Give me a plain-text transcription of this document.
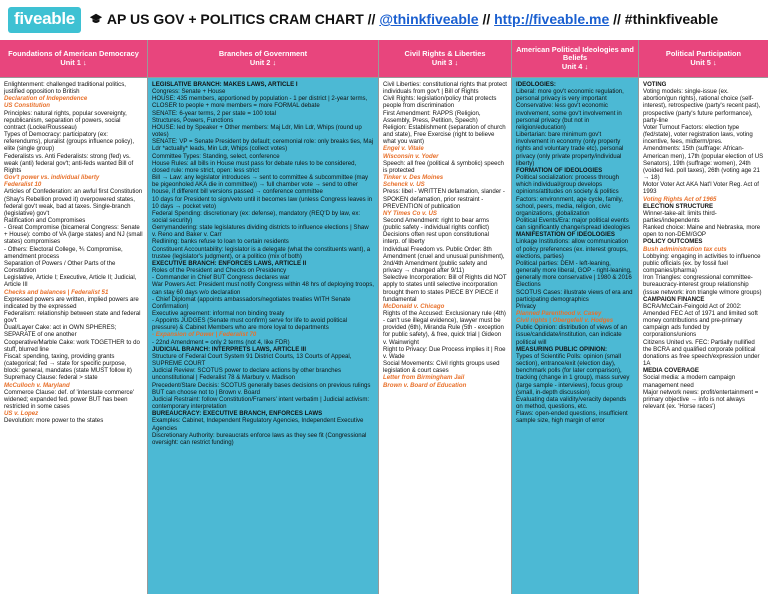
fiveable	AP US GOV + POLITICS CRAM CHART // @thinkfiveable // http://fiveable.me // #thinkfiveable
Foundations of American Democracy
Unit 1 ↓

Enlightenment: challenged traditional politics, justified opposition to British

Declaration of Independence

US Constitution

Principles: natural rights, popular sovereignty, republicanism, separation of powers, social contract (Locke/Rousseau)

Types of Democracy: participatory (ex: referendums), pluralist (groups influence policy), elite (single group)

Federalists vs. Anti Federalists: strong (fed) vs. weak (anti) federal gov't; anti-feds wanted Bill of Rights

Gov't power vs. individual liberty

Federalist 10

Articles of Confederation: an awful first Constitution (Shay's Rebellion proved it) overpowered states, federal gov't weak, bad at taxes. Single-branch (legislative) gov't

Ratification and Compromises

- Great Compromise (bicameral Congress: Senate + House): combo of VA (large states) and NJ (small states) compromises

- Others: Electoral College, ⅗ Compromise, amendment process

Separation of Powers / Other Parts of the Constitution

Legislative, Article I; Executive, Article II; Judicial, Article III

Checks and balances | Federalist 51

Expressed powers are written, implied powers are indicated by the expressed

Federalism: relationship between state and federal gov't

Dual/Layer Cake: act in OWN SPHERES; SEPARATE of one another

Cooperative/Marble Cake: work TOGETHER to do stuff, blurred line

Fiscal: spending, taxing, providing grants (categorical; fed → state for specific purpose, block: general, mandates (state MUST follow it)

Supremacy Clause: federal > state

McCulloch v. Maryland

Commerce Clause: def. of 'interstate commerce' widened; expanded fed. power BUT has been restricted in some cases

US v. Lopez

Devolution: more power to the states

Branches of Government
Unit 2 ↓

LEGISLATIVE BRANCH: MAKES LAWS, ARTICLE I

Congress: Senate + House

HOUSE: 435 members, apportioned by population - 1 per district | 2-year terms, CLOSER to people + more members = more FORMAL debate

SENATE: 6-year terms, 2 per state = 100 total

Structures, Powers, Functions

HOUSE: led by Speaker + Other members: Maj Ldr, Min Ldr, Whips (round up votes)

SENATE: VP = Senate President by default; ceremonial role: only breaks ties, Maj Ldr *actually* leads, Min Ldr, Whips (collect votes)

Committee Types: Standing, select, conference

House Rules: all bills in House must pass for debate rules to be considered, closed rule: more strict, open: less strict

Bill → Law: any legislator introduces → sent to committee & subcommittee (may be pigeonholed AKA die in committee)) → full chamber vote → send to other house, if different bill versions passed → conference committee

10 days for President to sign/veto until it becomes law (unless Congress leaves in 10 days → pocket veto)

Federal Spending: discretionary (ex: defense), mandatory (REQ'D by law, ex: social security)

Gerrymandering: state legislatures dividing districts to influence elections | Shaw v. Reno and Baker v. Carr

Redlining: banks refuse to loan to certain residents

Constituent Accountability: legislator is a delegate (what the constituents want), a trustee (legislator's judgment), or a politico (mix of both)

EXECUTIVE BRANCH: ENFORCES LAWS, ARTICLE II

Roles of the President and Checks on Presidency

- Commander in Chief BUT Congress declares war

War Powers Act: President must notify Congress within 48 hrs of deploying troops, can stay 60 days w/o declaration

- Chief Diplomat (appoints ambassadors/negotiates treaties WITH Senate Confirmation)

Executive agreement: informal non binding treaty

- Appoints JUDGES (Senate must confirm) serve for life to avoid political pressure) & Cabinet Members who are more loyal to departments

- Expansion of Power | Federalist 70

- 22nd Amendment = only 2 terms (not 4, like FDR)

JUDICIAL BRANCH: INTERPRETS LAWS, ARTICLE III

Structure of Federal Court System 91 District Courts, 13 Courts of Appeal, SUPREME COURT

Judicial Review: SCOTUS power to declare actions by other branches unconstitutional | Federalist 78 & Marbury v. Madison

Precedent/Stare Decisis: SCOTUS generally bases decisions on previous rulings BUT can choose not to | Brown v. Board

Judicial Restraint: follow Constitution/Framers' intent verbatim | Judicial activism: contemporary interpretation

BUREAUCRACY: EXECUTIVE BRANCH, ENFORCES LAWS

Examples: Cabinet, Independent Regulatory Agencies, Independent Executive Agencies

Discretionary Authority: bureaucrats enforce laws as they see fit (Congressional oversight: can restrict funding)

Civil Rights & Liberties
Unit 3 ↓

Civil Liberties: constitutional rights that protect individuals from gov't | Bill of Rights

Civil Rights: legislation/policy that protects people from discrimination

First Amendment: RAPPS (Religion, Assembly, Press, Petition, Speech)

Religion: Establishment (separation of church and state), Free Exercise (right to believe what you want)

Engel v. Vitale

Wisconsin v. Yoder

Speech: all free (political & symbolic) speech is protected

Tinker v. Des Moines

Schenck v. US

Press: libel - WRITTEN defamation, slander - SPOKEN defamation, prior restraint - PREVENTION of publication

NY Times Co v. US

Second Amendment: right to bear arms (public safety - individual rights conflict)

Decisions often rest upon constitutional interp. of liberty

Individual Freedom vs. Public Order: 8th Amendment (cruel and unusual punishment), 2nd/4th Amendment (public safety and privacy → changed after 9/11)

Selective Incorporation: Bill of Rights did NOT apply to states until selective incorporation brought them to states PIECE BY PIECE if fundamental

McDonald v. Chicago

Rights of the Accused: Exclusionary rule (4th) - can't use illegal evidence), lawyer must be provided (6th), Miranda Rule (5th - exception for public safety), & free, quick trial | Gideon v. Wainwright

Right to Privacy: Due Process implies it | Roe v. Wade

Social Movements: Civil rights groups used legislation & court cases

Letter from Birmingham Jail

Brown v. Board of Education

American Political Ideologies and Beliefs
Unit 4 ↓

IDEOLOGIES:

Liberal: more gov't economic regulation, personal privacy is very important

Conservative: less gov't economic involvement, some gov't involvement in personal privacy (but not in religion/education)

Libertarian: bare minimum gov't involvement in economy (only property rights and voluntary trade etc), personal privacy (only private property/individual liberty)

FORMATION OF IDEOLOGIES

Political socialization: process through which individual/group develops opinions/attitudes on society & politics

Factors: environment, age cycle, family, school, peers, media, religion, civic organizations, globalization

Political Events/Era: major political events can significantly change/spread ideologies

MANIFESTATION OF IDEOLOGIES

Linkage Institutions: allow communication of policy preferences (ex. interest groups, elections, parties)

Political parties: DEM - left-leaning, generally more liberal, GOP - right-leaning, generally more conservative | 1980 & 2016 Elections

SCOTUS Cases: illustrate views of era and participating demographics

Privacy

Planned Parenthood v. Casey

Civil rights | Obergefell v. Hodges

Public Opinion: distribution of views of an issue/candidate/institution, can indicate political will

MEASURING PUBLIC OPINION:

Types of Scientific Polls: opinion (small section), entrance/exit (election day), benchmark polls (for later comparison), tracking (change in 1 group), mass survey (large sample - interviews), focus group (small, in-depth discussion)

Evaluating data validity/veracity depends on method, questions, etc.

Flaws: open-ended questions, insufficient sample size, high margin of error

Political Participation
Unit 5 ↓

VOTING

Voting models: single-issue (ex. abortion/gun rights), rational choice (self-interest), retrospective (party's recent past), prospective (party's future performance), party-line

Voter Turnout Factors: election type (fed/state), voter registration laws, voting incentive, fees, midterm/pres.

Amendments: 15th (suffrage: African-American men), 17th (popular election of US Senators), 19th (suffrage: women), 24th (voided fed. poll taxes), 26th (voting age 21 → 18)

Motor Voter Act AKA Nat'l Voter Reg. Act of 1993

Voting Rights Act of 1965

ELECTION STRUCTURE

Winner-take-all: limits third-parties/independents

Ranked choice: Maine and Nebraska, more open to non-DEM/GOP

POLICY OUTCOMES

Bush administration tax cuts

Lobbying: engaging in activities to influence public officials (ex. by fossil fuel companies/pharma)

Iron Triangles: congressional committee-bureaucracy-interest group relationship (issue network: iron triangle w/more groups)

CAMPAIGN FINANCE

BCRA/McCain-Feingold Act of 2002: Amended FEC Act of 1971 and limited soft money contributions and pre-primary campaign ads funded by corporations/unions

Citizens United vs. FEC: Partially nullified the BCRA and qualified corporate political donations as free speech/expression under 1A

MEDIA COVERAGE

Social media: a modern campaign management need

Major network news: profit/entertainment = primary objective → info is not always relevant (ex. 'Horse races')
